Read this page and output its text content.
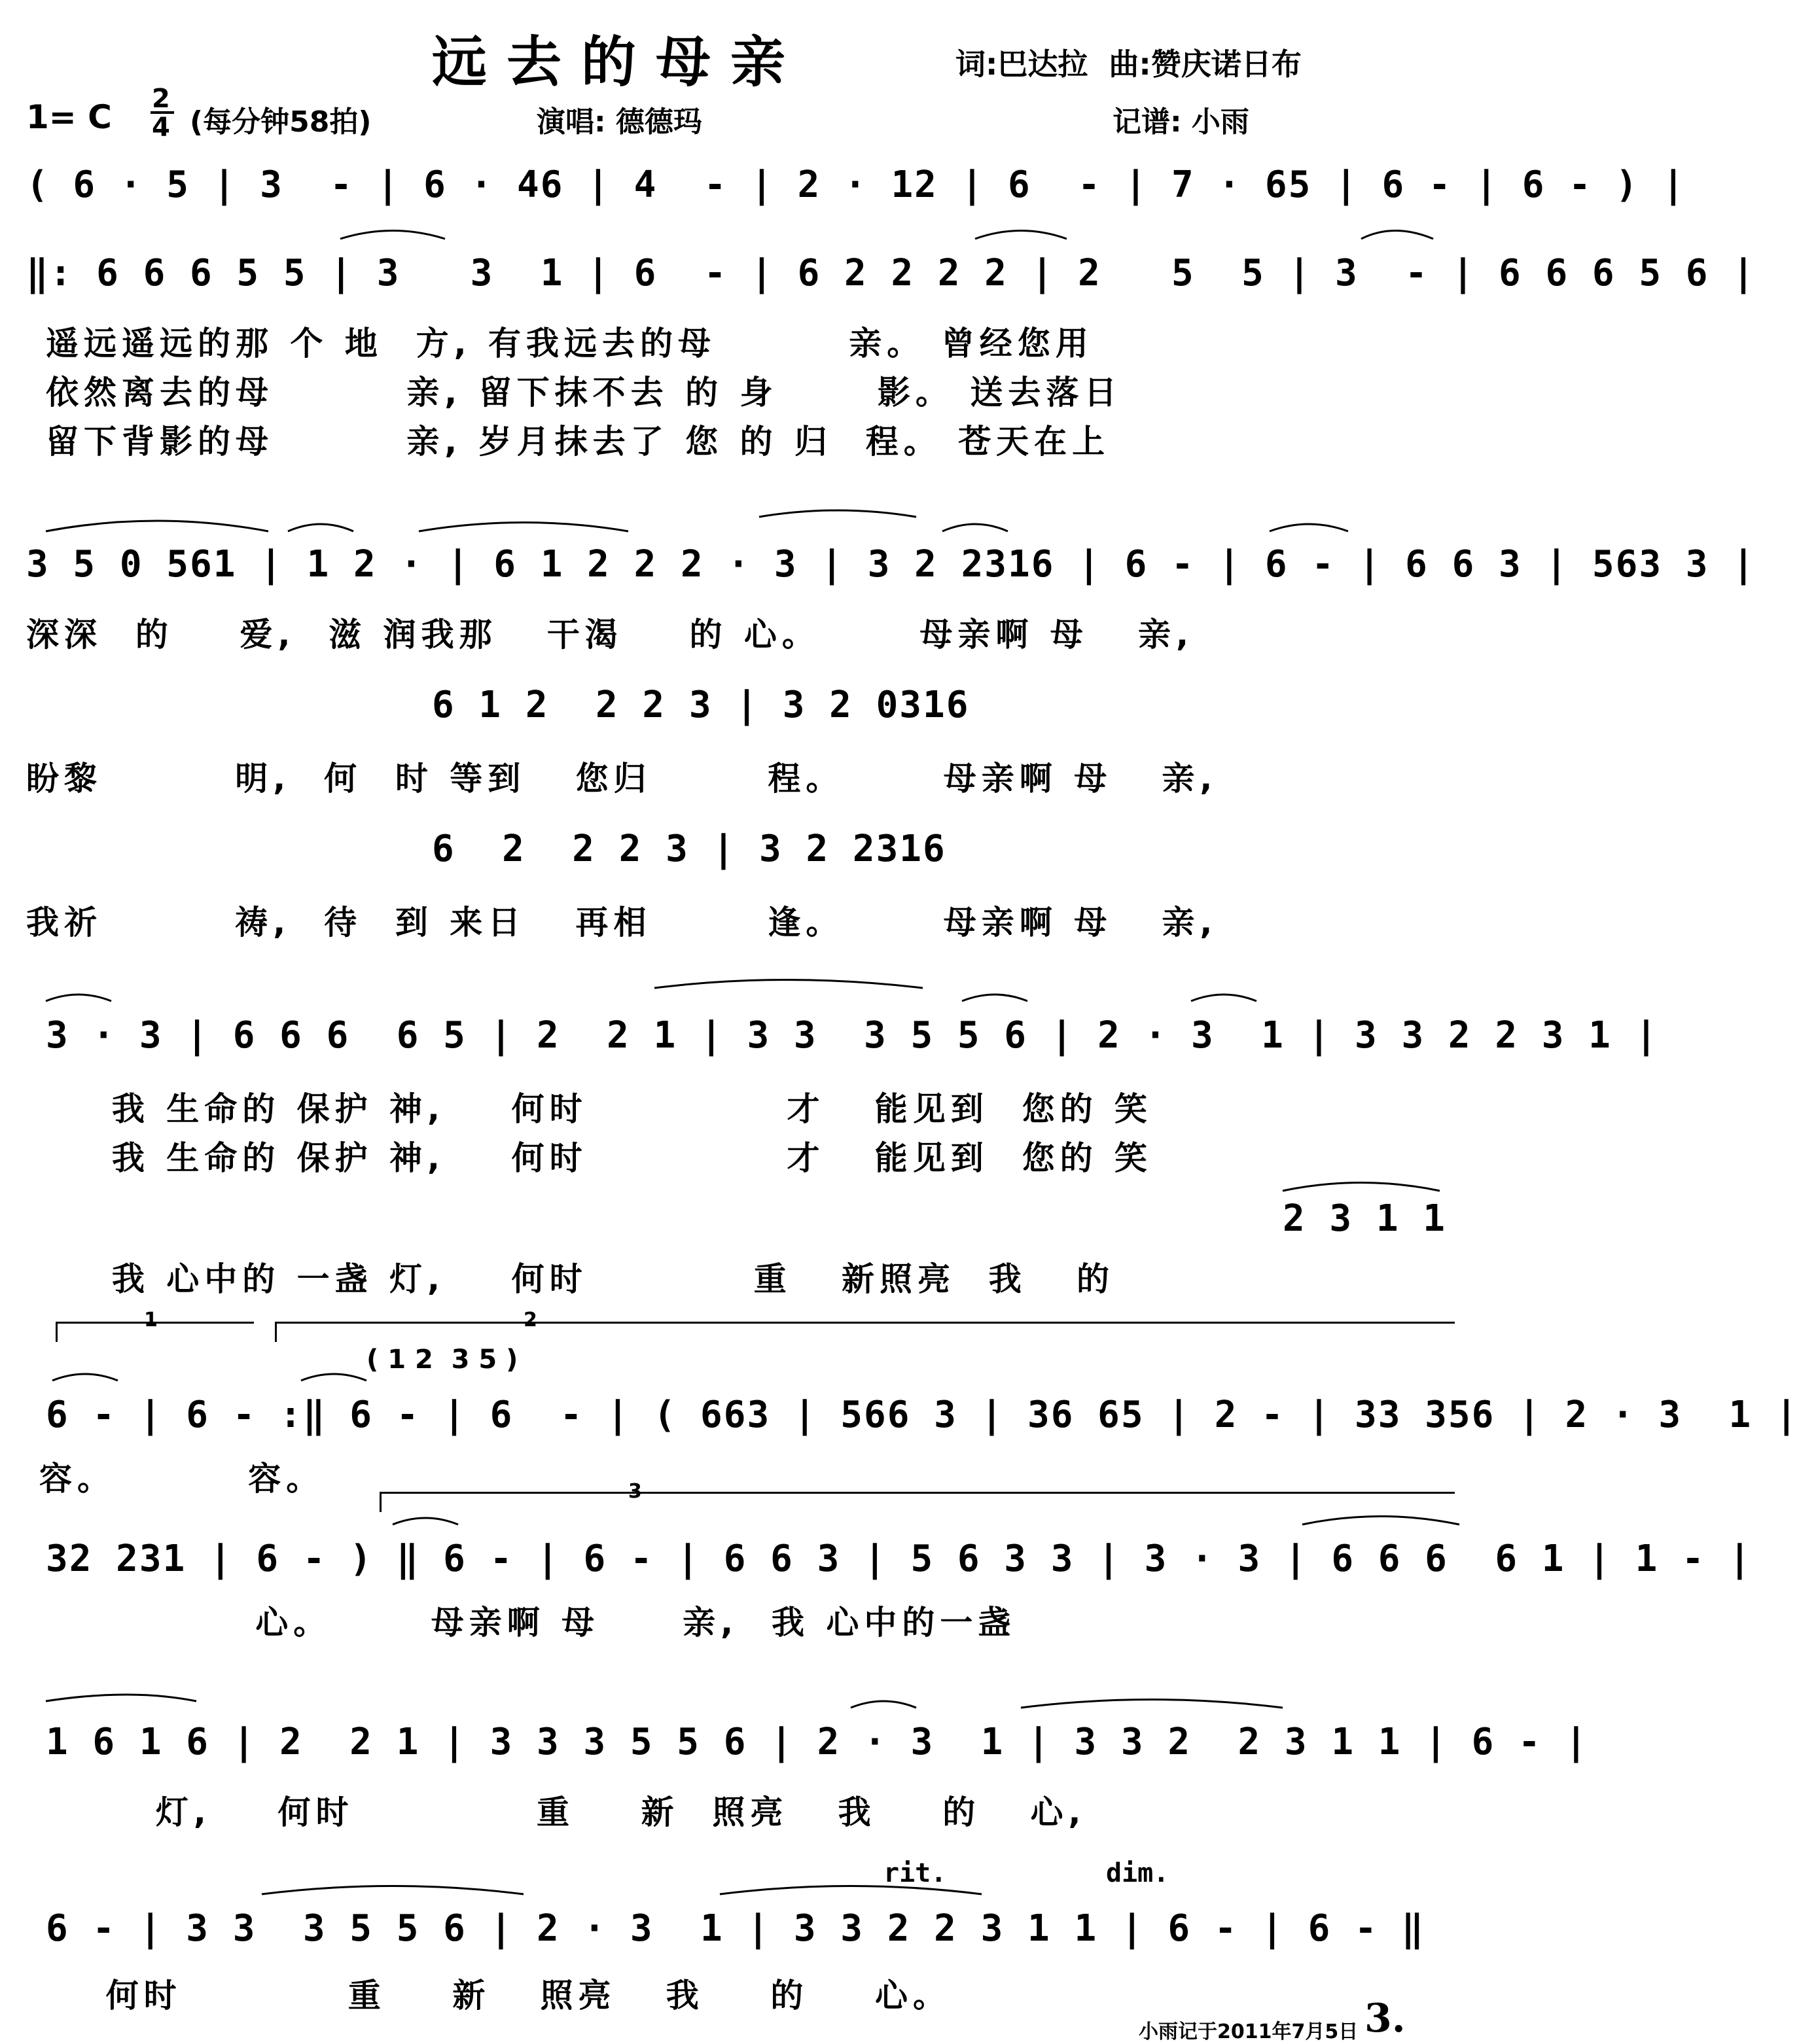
远去的母亲	词:巴达拉  曲:赞庆诺日布
1= C 2
4 (每分钟58拍)	演唱: 德德玛	记谱: 小雨
( 6 · 5 | 3  - | 6 · 46 | 4  - | 2 · 12 | 6  - | 7 · 65 | 6 - | 6 - ) |
‖: 6 6 6 5 5 | 3   3  1 | 6  - | 6 2 2 2 2 | 2   5  5 | 3  - | 6 6 6 5 6 |
遥远遥远的那 个 地  方, 有我远去的母        亲。 曾经您用
依然离去的母        亲, 留下抹不去 的 身      影。 送去落日
留下背影的母        亲, 岁月抹去了 您 的 归  程。 苍天在上
3 5 0 561 | 1 2 · | 6 1 2 2 2 · 3 | 3 2 2316 | 6 - | 6 - | 6 6 3 | 563 3 |
深深  的    爱,  滋 润我那   干渴    的 心。      母亲啊 母   亲,
6 1 2  2 2 3 | 3 2 0316
盼黎        明,  何  时 等到   您归       程。      母亲啊 母   亲,
6  2  2 2 3 | 3 2 2316
我祈        祷,  待  到 来日   再相       逢。      母亲啊 母   亲,
3 · 3 | 6 6 6  6 5 | 2  2 1 | 3 3  3 5 5 6 | 2 · 3  1 | 3 3 2 2 3 1 |
我 生命的 保护 神,    何时            才   能见到  您的 笑
我 生命的 保护 神,    何时            才   能见到  您的 笑
2 3 1 1
我 心中的 一盏 灯,    何时          重   新照亮  我   的
1	2
( 1 2  3 5 )
6 - | 6 - :‖ 6 - | 6  - | ( 663 | 566 3 | 36 65 | 2 - | 33 356 | 2 · 3  1 |
容。        容。	3
32 231 | 6 - ) ‖ 6 - | 6 - | 6 6 3 | 5 6 3 3 | 3 · 3 | 6 6 6  6 1 | 1 - |
心。      母亲啊 母     亲,  我 心中的一盏
1 6 1 6 | 2  2 1 | 3 3 3 5 5 6 | 2 · 3  1 | 3 3 2  2 3 1 1 | 6 - |
灯,    何时           重    新  照亮   我    的   心,
rit.	dim.
6 - | 3 3  3 5 5 6 | 2 · 3  1 | 3 3 2 2 3 1 1 | 6 - | 6 - ‖
何时          重    新   照亮   我    的    心。
小雨记于2011年7月5日 3.
